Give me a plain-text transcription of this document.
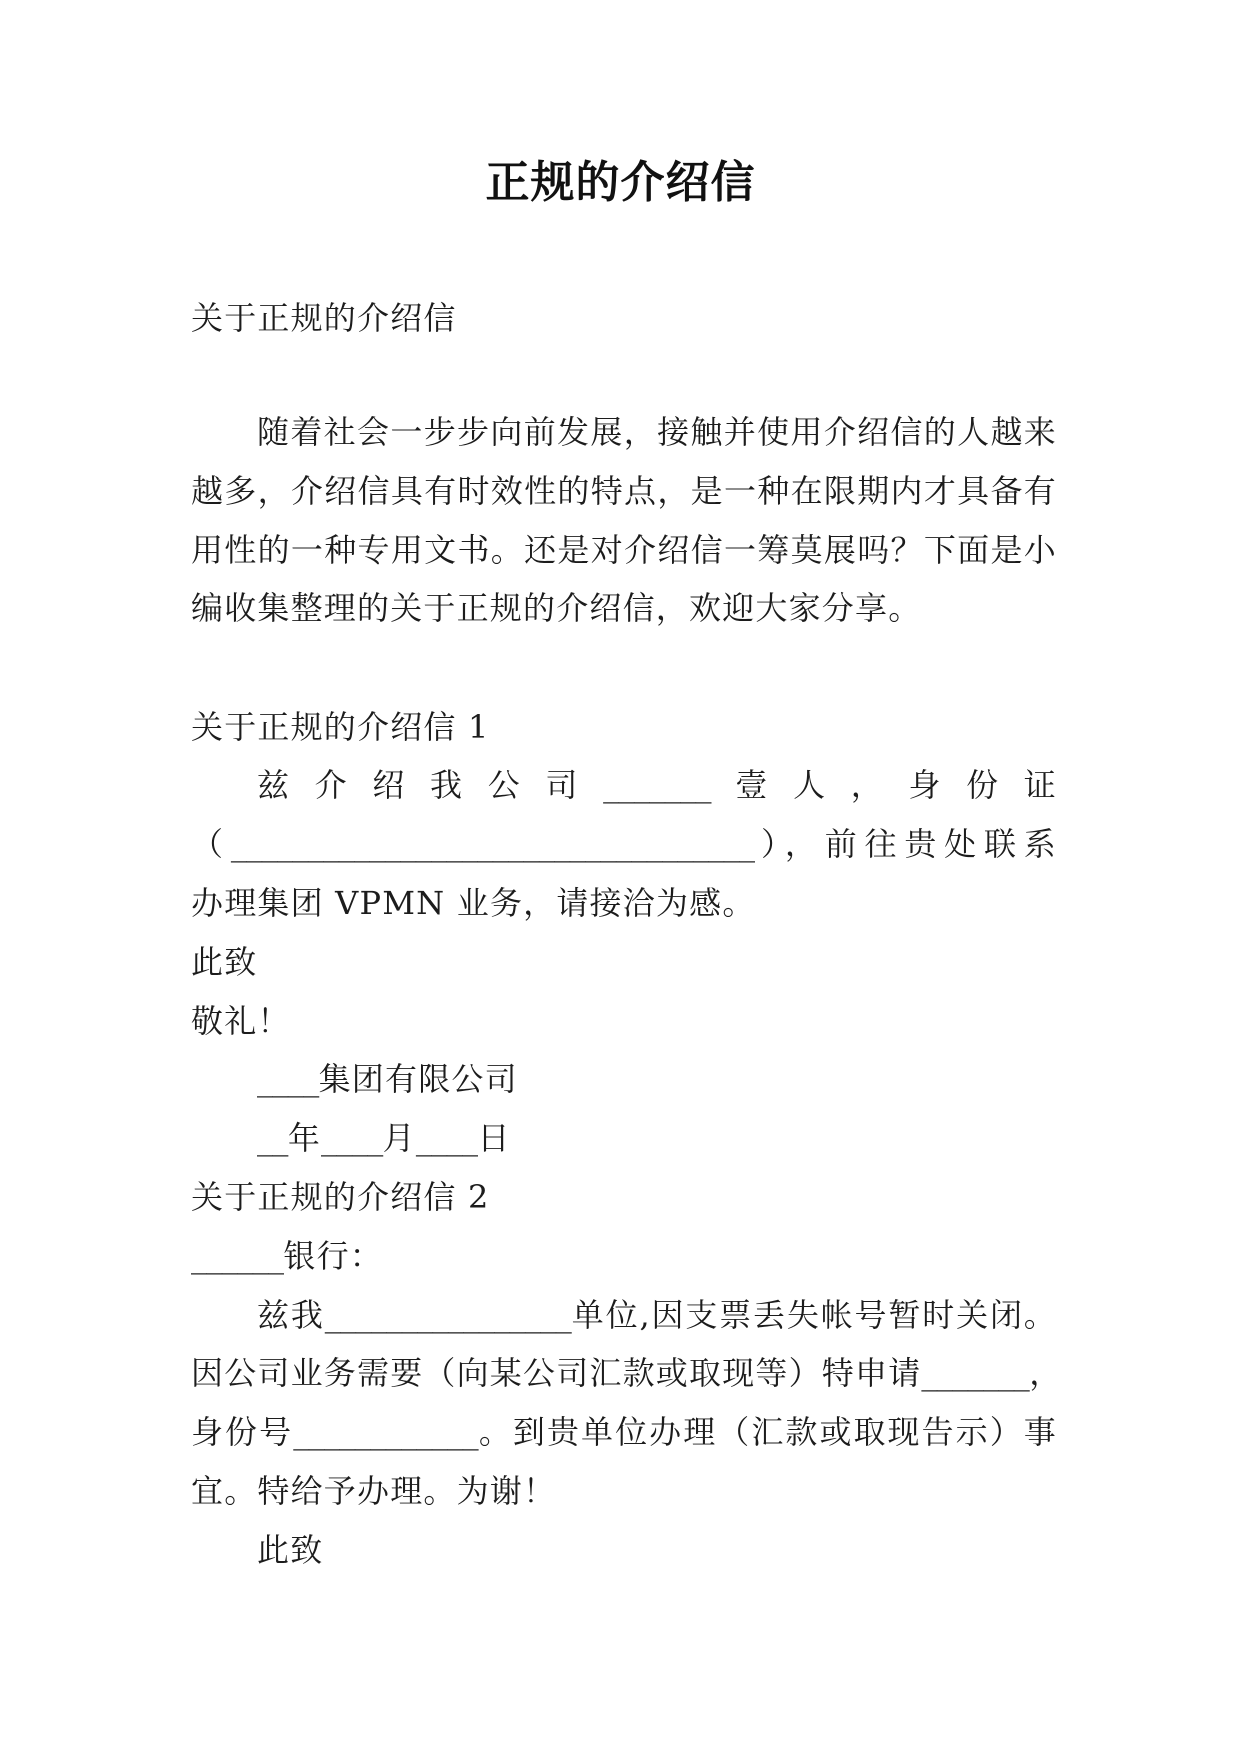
正规的介绍信
关于正规的介绍信
随着社会一步步向前发展，接触并使用介绍信的人越来
越多，介绍信具有时效性的特点，是一种在限期内才具备有
用性的一种专用文书。还是对介绍信一筹莫展吗？下面是小
编收集整理的关于正规的介绍信，欢迎大家分享。
关于正规的介绍信 1
兹介绍我公司_______壹人，身份证
（__________________________________），前往贵处联系
办理集团 VPMN 业务，请接洽为感。
此致
敬礼！
____集团有限公司
__年____月____日
关于正规的介绍信 2
______银行：
兹我________________单位,因支票丢失帐号暂时关闭。
因公司业务需要（向某公司汇款或取现等）特申请_______，
身份号____________。到贵单位办理（汇款或取现告示）事
宜。特给予办理。为谢！
此致
